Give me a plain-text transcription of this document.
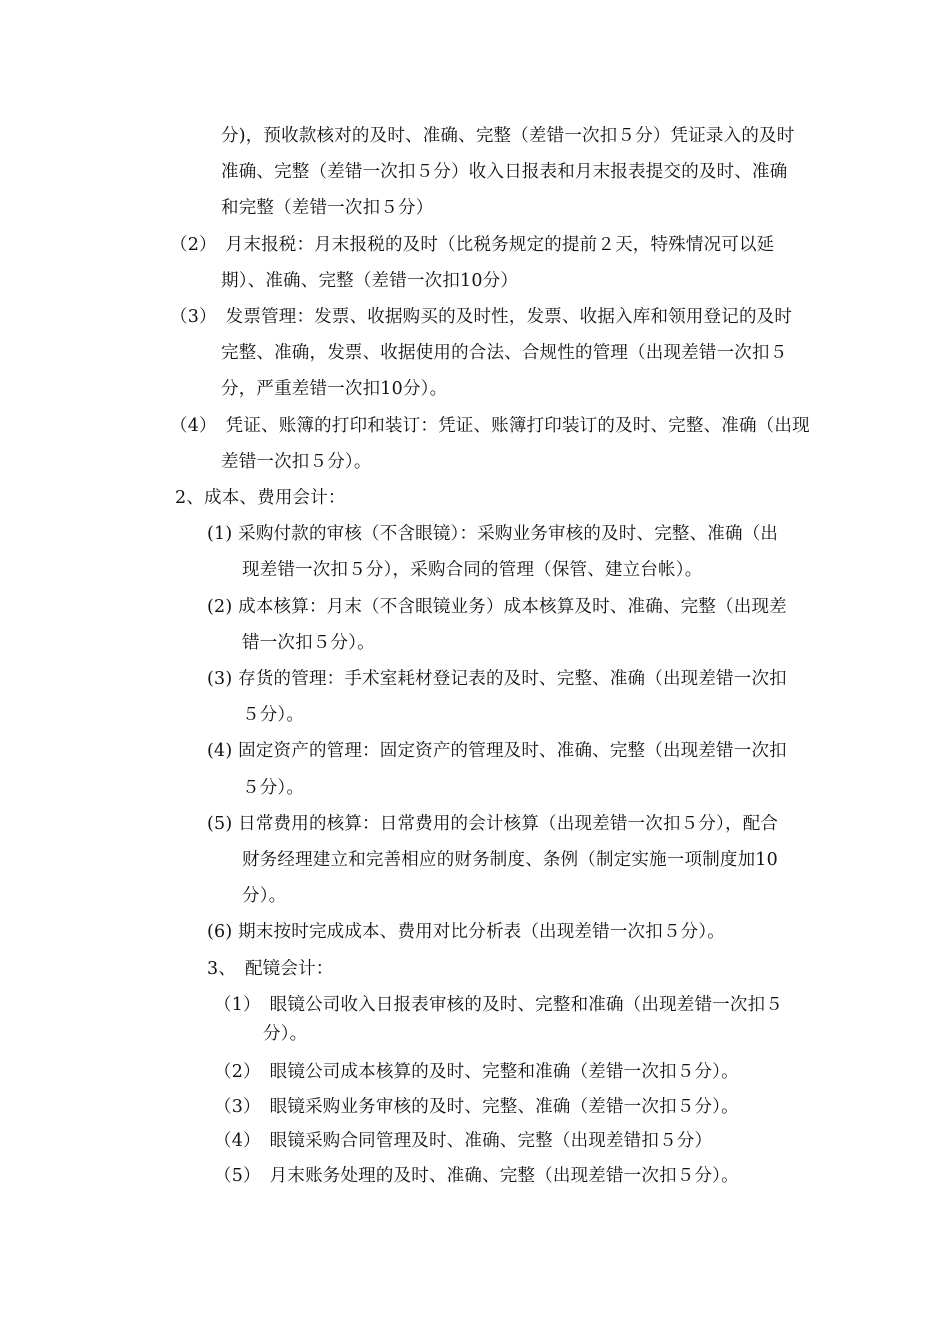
分)，预收款核对的及时、准确、完整（差错一次扣５分）凭证录入的及时
准确、完整（差错一次扣５分）收入日报表和月末报表提交的及时、准确
和完整（差错一次扣５分）
（2）　月末报税：月末报税的及时（比税务规定的提前２天，特殊情况可以延
期）、准确、完整（差错一次扣10分）
（3）　发票管理：发票、收据购买的及时性，发票、收据入库和领用登记的及时
完整、准确，发票、收据使用的合法、合规性的管理（出现差错一次扣５
分，严重差错一次扣10分）。
（4）　凭证、账簿的打印和装订：凭证、账簿打印装订的及时、完整、准确（出现
差错一次扣５分）。
2、成本、费用会计：
(1) 采购付款的审核（不含眼镜）：采购业务审核的及时、完整、准确（出
现差错一次扣５分），采购合同的管理（保管、建立台帐）。
(2) 成本核算：月末（不含眼镜业务）成本核算及时、准确、完整（出现差
错一次扣５分）。
(3) 存货的管理：手术室耗材登记表的及时、完整、准确（出现差错一次扣
５分）。
(4) 固定资产的管理：固定资产的管理及时、准确、完整（出现差错一次扣
５分）。
(5) 日常费用的核算：日常费用的会计核算（出现差错一次扣５分），配合
财务经理建立和完善相应的财务制度、条例（制定实施一项制度加10
分）。
(6) 期末按时完成成本、费用对比分析表（出现差错一次扣５分）。
3、　配镜会计：
（1）　眼镜公司收入日报表审核的及时、完整和准确（出现差错一次扣５
分）。
（2）　眼镜公司成本核算的及时、完整和准确（差错一次扣５分）。
（3）　眼镜采购业务审核的及时、完整、准确（差错一次扣５分）。
（4）　眼镜采购合同管理及时、准确、完整（出现差错扣５分）
（5）　月末账务处理的及时、准确、完整（出现差错一次扣５分）。
